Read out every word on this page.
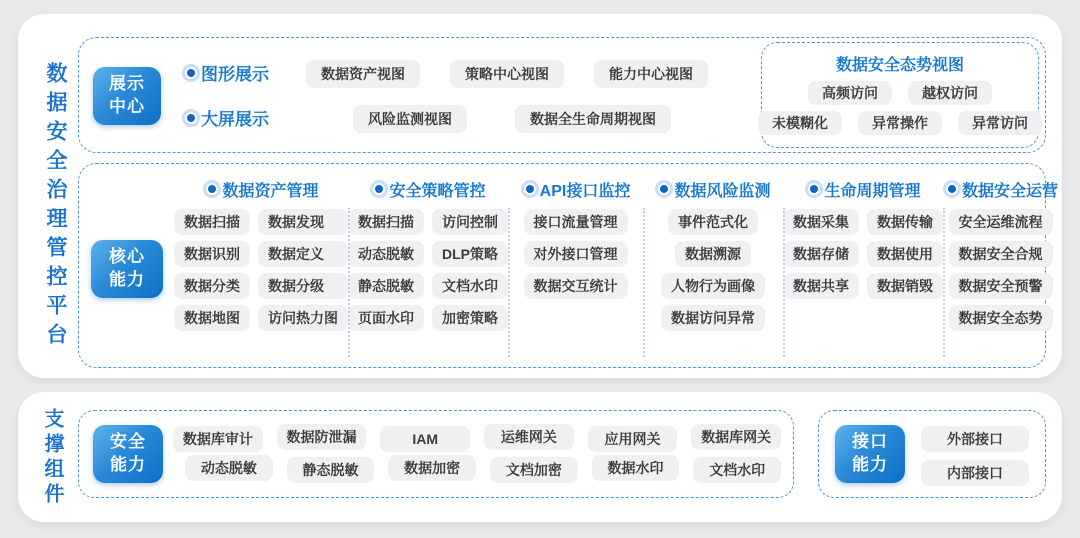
数据安全治理管控平台 展示中心
图形展示
大屏展示
数据资产视图	策略中心视图	能力中心视图
风险监测视图	数据全生命周期视图
数据安全态势视图
高频访问	越权访问
未模糊化	异常操作	异常访问
核心能力
数据资产管理
数据扫描	数据发现
数据识别	数据定义
数据分类	数据分级
数据地图	访问热力图
安全策略管控
数据扫描	访问控制
动态脱敏	DLP策略
静态脱敏	文档水印
页面水印	加密策略
API接口监控
接口流量管理
对外接口管理
数据交互统计
数据风险监测
事件范式化
数据溯源
人物行为画像
数据访问异常
生命周期管理
数据采集	数据传输
数据存储	数据使用
数据共享	数据销毁
数据安全运营
安全运维流程
数据安全合规
数据安全预警
数据安全态势
支撑组件	安全能力
数据库审计	数据防泄漏	IAM	运维网关	应用网关	数据库网关
动态脱敏	静态脱敏	数据加密	文档加密	数据水印	文档水印
接口能力
外部接口
内部接口
